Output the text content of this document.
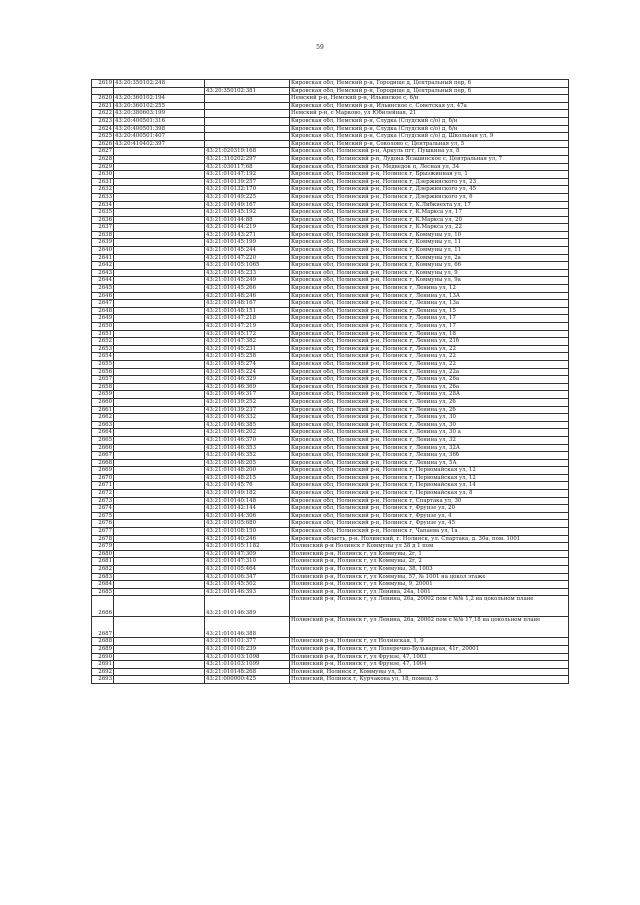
59
2619	43:20:350102:248		Кировская обл, Немский р-н, Городище д, Центральный пер, 6
		43:20:350102:381	Кировская обл, Немский р-н, Городище д, Центральный пер, 6
2620	43:20:360102:194		Немский р-н, Немский р-н, Ильинское с, 6/н
2621	43:20:360102:255		Кировская обл, Немский р-н, Ильинское с, Советская ул, 47а
2622	43:20:380603:199		Немский р-н, с Марково, ул Юбилейная, 21
2623	43:20:400501:316		Кировская обл, Немский р-н, Слудка (Слудский с/о) д, б/н
2624	43:20:400501:398		Кировская обл, Немский р-н, Слудка (Слудский с/о) д, б/н
2625	43:20:400501:407		Кировская обл, Немский р-н, Слудка (Слудский с/о) д, Школьная ул, 9
2626	43:20:410402:397		Кировская обл, Немский р-н, Соколово с, Центральная ул, 5
2627		43:21:020319:168	Кировская обл, Нолинский р-н, Аркуль пгт, Пушкина ул, 8
2628		43:21:310202:297	Кировская обл, Нолинский р-н, Лудона Ясашинское с, Центральная ул, 7
2629		43:21:030117:68	Кировская обл, Нолинский р-н, Медведок п, Лесная ул, 34
2630		43:21:010147:192	Кировская обл, Нолинский р-н, Нолинск г, Брызжинная ул, 1
2631		43:21:010139:257	Кировская обл, Нолинский р-н, Нолинск г, Дзержинского ул, 23
2632		43:21:010132:170	Кировская обл, Нолинский р-н, Нолинск г, Дзержинского ул, 45
2633		43:21:010149:225	Кировская обл, Нолинский р-н, Нолинск г, Дзержинского ул, 6
2634		43:21:010149:167	Кировская обл, Нолинский р-н, Нолинск г, К.Либкнехта ул, 17
2635		43:21:010145:192	Кировская обл, Нолинский р-н, Нолинск г, К.Маркса ул, 17
2636		43:21:010144:88	Кировская обл, Нолинский р-н, Нолинск г, К.Маркса ул, 20
2637		43:21:010144:219	Кировская обл, Нолинский р-н, Нолинск г, К.Маркса ул, 22
2638		43:21:010143:271	Кировская обл, Нолинский р-н, Нолинск г, Коммуны ул, 10
2639		43:21:010145:199	Кировская обл, Нолинский р-н, Нолинск г, Коммуны ул, 11
2640		43:21:010145:244	Кировская обл, Нолинский р-н, Нолинск г, Коммуны ул, 11
2641		43:21:010147:220	Кировская обл, Нолинский р-н, Нолинск г, Коммуны ул, 2а
2642		43:21:010105:1065	Кировская обл, Нолинский р-н, Нолинск г, Коммуны ул, 66
2643		43:21:010145:233	Кировская обл, Нолинский р-н, Нолинск г, Коммуны ул, 9
2644		43:21:010145:249	Кировская обл, Нолинский р-н, Нолинск г, Коммуны ул, 9а
2645		43:21:010145:266	Кировская обл, Нолинский р-н, Нолинск г, Ленина ул, 12
2646		43:21:010148:246	Кировская обл, Нолинский р-н, Нолинск г, Ленина ул, 13А
2647		43:21:010148:167	Кировская обл, Нолинский р-н, Нолинск г, Ленина ул, 13а
2648		43:21:010148:151	Кировская обл, Нолинский р-н, Нолинск г, Ленина ул, 15
2649		43:21:010147:218	Кировская обл, Нолинский р-н, Нолинск г, Ленина ул, 17
2650		43:21:010147:219	Кировская обл, Нолинский р-н, Нолинск г, Ленина ул, 17
2651		43:21:010145:172	Кировская обл, Нолинский р-н, Нолинск г, Ленина ул, 18
2652		43:21:010147:382	Кировская обл, Нолинский р-н, Нолинск г, Ленина ул, 21б
2653		43:21:010145:231	Кировская обл, Нолинский р-н, Нолинск г, Ленина ул, 22
2654		43:21:010145:258	Кировская обл, Нолинский р-н, Нолинск г, Ленина ул, 22
2655		43:21:010145:274	Кировская обл, Нолинский р-н, Нолинск г, Ленина ул, 22
2656		43:21:010145:224	Кировская обл, Нолинский р-н, Нолинск г, Ленина ул, 22а
2657		43:21:010146:329	Кировская обл, Нолинский р-н, Нолинск г, Ленина ул, 26а
2658		43:21:010146:369	Кировская обл, Нолинский р-н, Нолинск г, Ленина ул, 26а
2659		43:21:010146:317	Кировская обл, Нолинский р-н, Нолинск г, Ленина ул, 28А
2660		43:21:010139:252	Кировская обл, Нолинский р-н, Нолинск г, Ленина ул, 2б
2661		43:21:010139:237	Кировская обл, Нолинский р-н, Нолинск г, Ленина ул, 2б
2662		43:21:010146:332	Кировская обл, Нолинский р-н, Нолинск г, Ленина ул, 30
2663		43:21:010146:385	Кировская обл, Нолинский р-н, Нолинск г, Ленина ул, 30
2664		43:21:010146:202	Кировская обл, Нолинский р-н, Нолинск г, Ленина ул, 30 а
2665		43:21:010146:370	Кировская обл, Нолинский р-н, Нолинск г, Ленина ул, 32
2666		43:21:010146:353	Кировская обл, Нолинский р-н, Нолинск г, Ленина ул, 32А
2667		43:21:010146:352	Кировская обл, Нолинский р-н, Нолинск г, Ленина ул, 36б
2668		43:21:010148:205	Кировская обл, Нолинский р-н, Нолинск г, Ленина ул, 5А
2669		43:21:010148:200	Кировская обл, Нолинский р-н, Нолинск г, Первомайская ул, 12
2670		43:21:010148:215	Кировская обл, Нолинский р-н, Нолинск г, Первомайская ул, 12
2671		43:21:010145:76	Кировская обл, Нолинский р-н, Нолинск г, Первомайская ул, 14
2672		43:21:010149:182	Кировская обл, Нолинский р-н, Нолинск г, Первомайская ул, 8
2673		43:21:010140:148	Кировская обл, Нолинский р-н, Нолинск г, Спартака ул, 30
2674		43:21:010142:144	Кировская обл, Нолинский р-н, Нолинск г, Фрунзе ул, 20
2675		43:21:010144:306	Кировская обл, Нолинский р-н, Нолинск г, Фрунзе ул, 4
2676		43:21:010105:680	Кировская обл, Нолинский р-н, Нолинск г, Фрунзе ул, 45
2677		43:21:010108:150	Кировская обл, Нолинский р-н, Нолинск г, Чапаева ул, 1а
2678		43:21:010140:246	Кировская область, р-н. Нолинский, г. Нолинск, ул. Спартака, д. 30а, пом. 1001
2679		43:21:010105:1182	Нолинский р-н Нолинск г Коммуны ул 38 д 1 пом
2680		43:21:010147:309	Нолинский р-н, Нолинск г, ул Коммуны, 2г, 1
2681		43:21:010147:310	Нолинский р-н, Нолинск г, ул Коммуны, 2г, 2
2682		43:21:010105:464	Нолинский р-н, Нолинск г, ул Коммуны, 38, 1003
2683		43:21:010106:347	Нолинский р-н, Нолинск г, ул Коммуны, 57, № 1001 на цокол этаже
2684		43:21:010145:502	Нолинский р-н, Нолинск г, ул Коммуны, 9, 20001
2685		43:21:010146:393	Нолинский р-н, Нолинск г, ул Ленина, 24а, 1001
2686		43:21:010146:389	Нолинский р-н, Нолинск г, ул Ленина, 26а, 20002 пом с №№ 1,2 на цокольном плане
2687		43:21:010146:388	Нолинский р-н, Нолинск г, ул Ленина, 26а, 20002 пом с №№ 17,18 на цокольном плане
2688		43:21:010101:377	Нолинский р-н, Нолинск г, ул Нолинская, 1, 9
2689		43:21:010108:239	Нолинский р-н, Нолинск г, ул Поперечно-Бульварная, 41г, 20001
2690		43:21:010103:1098	Нолинский р-н, Нолинск г, ул Фрунзе, 47, 1003
2691		43:21:010103:1099	Нолинский р-н, Нолинск г, ул Фрунзе, 47, 1004
2692		43:21:010148:268	Нолинский, Нолинск г, Коммуны ул, 5
2693		43:21:000000:425	Нолинский, Нолинск г, Курчакова ул, 18, помещ. 3
